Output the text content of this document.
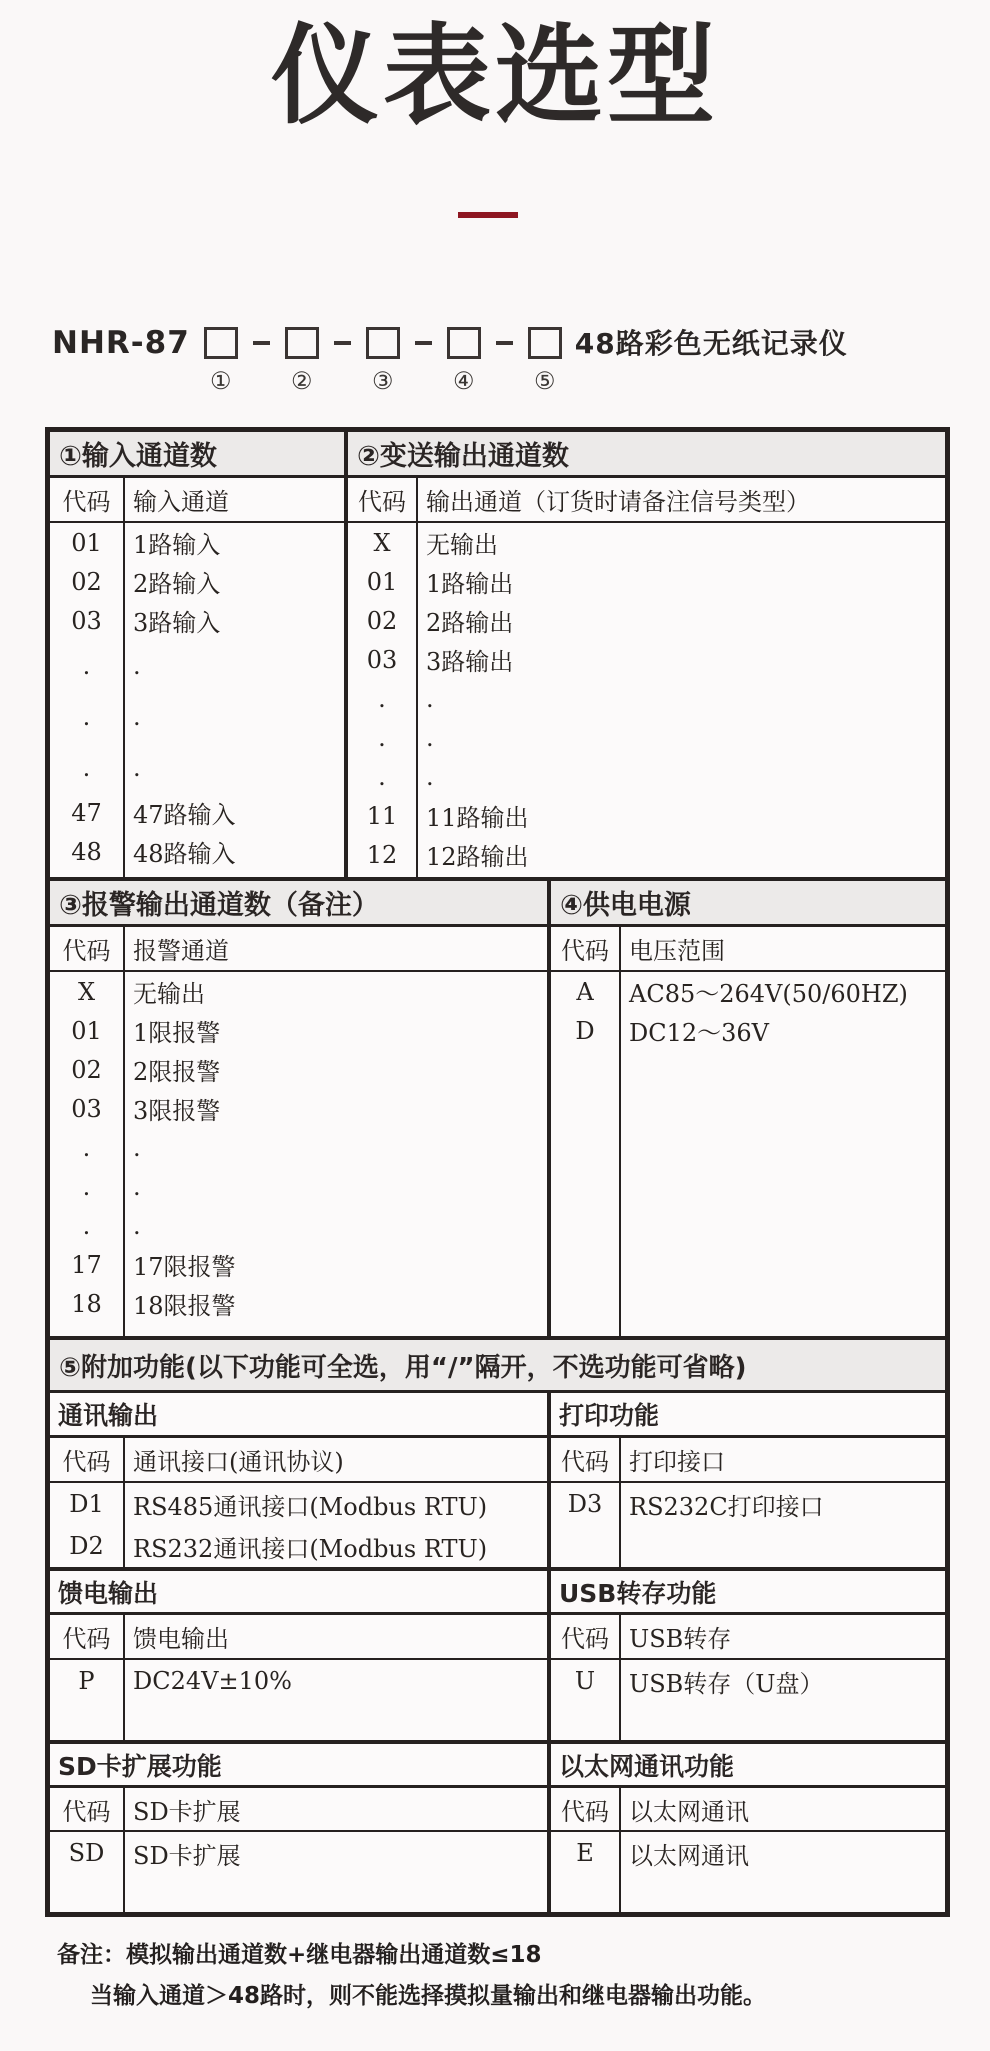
仪表选型
NHR-87
① ② ③ ④ ⑤
48路彩色无纸记录仪
①输入通道数
代码 输入通道
01	1路输入
02	2路输入
03	3路输入
.	.
.	.
.	.
47	47路输入
48	48路输入
②变送输出通道数
代码 输出通道（订货时请备注信号类型）
X	无输出
01	1路输出
02	2路输出
03	3路输出
.	.
.	.
.	.
11	11路输出
12	12路输出
③报警输出通道数（备注）
代码 报警通道
X	无输出
01	1限报警
02	2限报警
03	3限报警
.	.
.	.
.	.
17	17限报警
18	18限报警
④供电电源
代码 电压范围
A	AC85～264V(50/60HZ)
D	DC12～36V
⑤附加功能(以下功能可全选，用“/”隔开，不选功能可省略)
通讯输出
代码 通讯接口(通讯协议)
D1	RS485通讯接口(Modbus RTU)
D2	RS232通讯接口(Modbus RTU)
打印功能
代码 打印接口
D3	RS232C打印接口
馈电输出
代码 馈电输出
P	DC24V±10%
USB转存功能
代码 USB转存
U	USB转存（U盘）
SD卡扩展功能
代码 SD卡扩展
SD	SD卡扩展
以太网通讯功能
代码 以太网通讯
E	以太网通讯
备注：模拟输出通道数+继电器输出通道数≤18
当输入通道＞48路时，则不能选择摸拟量输出和继电器输出功能。
